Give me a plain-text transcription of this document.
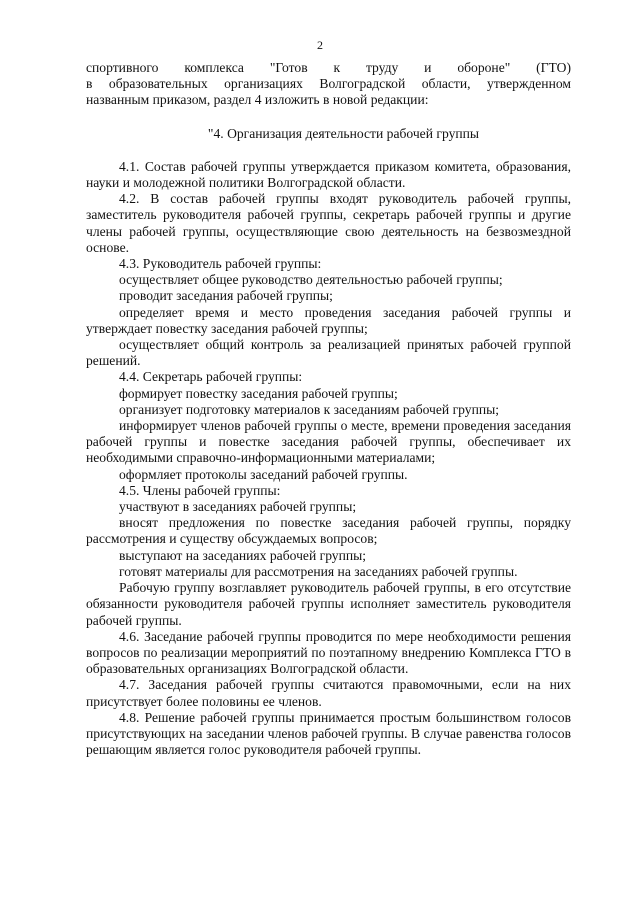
2

спортивного комплекса "Готов к труду и обороне" (ГТО)

в образовательных организациях Волгоградской области, утвержденном названным приказом, раздел 4 изложить в новой редакции:

"4. Организация деятельности рабочей группы

4.1. Состав рабочей группы утверждается приказом комитета, образования, науки и молодежной политики Волгоградской области.

4.2. В состав рабочей группы входят руководитель рабочей группы, заместитель руководителя рабочей группы, секретарь рабочей группы и другие члены рабочей группы, осуществляющие свою деятельность на безвозмездной основе.

4.3. Руководитель рабочей группы:

осуществляет общее руководство деятельностью рабочей группы;

проводит заседания рабочей группы;

определяет время и место проведения заседания рабочей группы и утверждает повестку заседания рабочей группы;

осуществляет общий контроль за реализацией принятых рабочей группой решений.

4.4. Секретарь рабочей группы:

формирует повестку заседания рабочей группы;

организует подготовку материалов к заседаниям рабочей группы;

информирует членов рабочей группы о месте, времени проведения заседания рабочей группы и повестке заседания рабочей группы, обеспечивает их необходимыми справочно-информационными материалами;

оформляет протоколы заседаний рабочей группы.

4.5. Члены рабочей группы:

участвуют в заседаниях рабочей группы;

вносят предложения по повестке заседания рабочей группы, порядку рассмотрения и существу обсуждаемых вопросов;

выступают на заседаниях рабочей группы;

готовят материалы для рассмотрения на заседаниях рабочей группы.

Рабочую группу возглавляет руководитель рабочей группы, в его отсутствие обязанности руководителя рабочей группы исполняет заместитель руководителя рабочей группы.

4.6. Заседание рабочей группы проводится по мере необходимости решения вопросов по реализации мероприятий по поэтапному внедрению Комплекса ГТО в образовательных организациях Волгоградской области.

4.7. Заседания рабочей группы считаются правомочными, если на них присутствует более половины ее членов.

4.8. Решение рабочей группы принимается простым большинством голосов присутствующих на заседании членов рабочей группы. В случае равенства голосов решающим является голос руководителя рабочей группы.
